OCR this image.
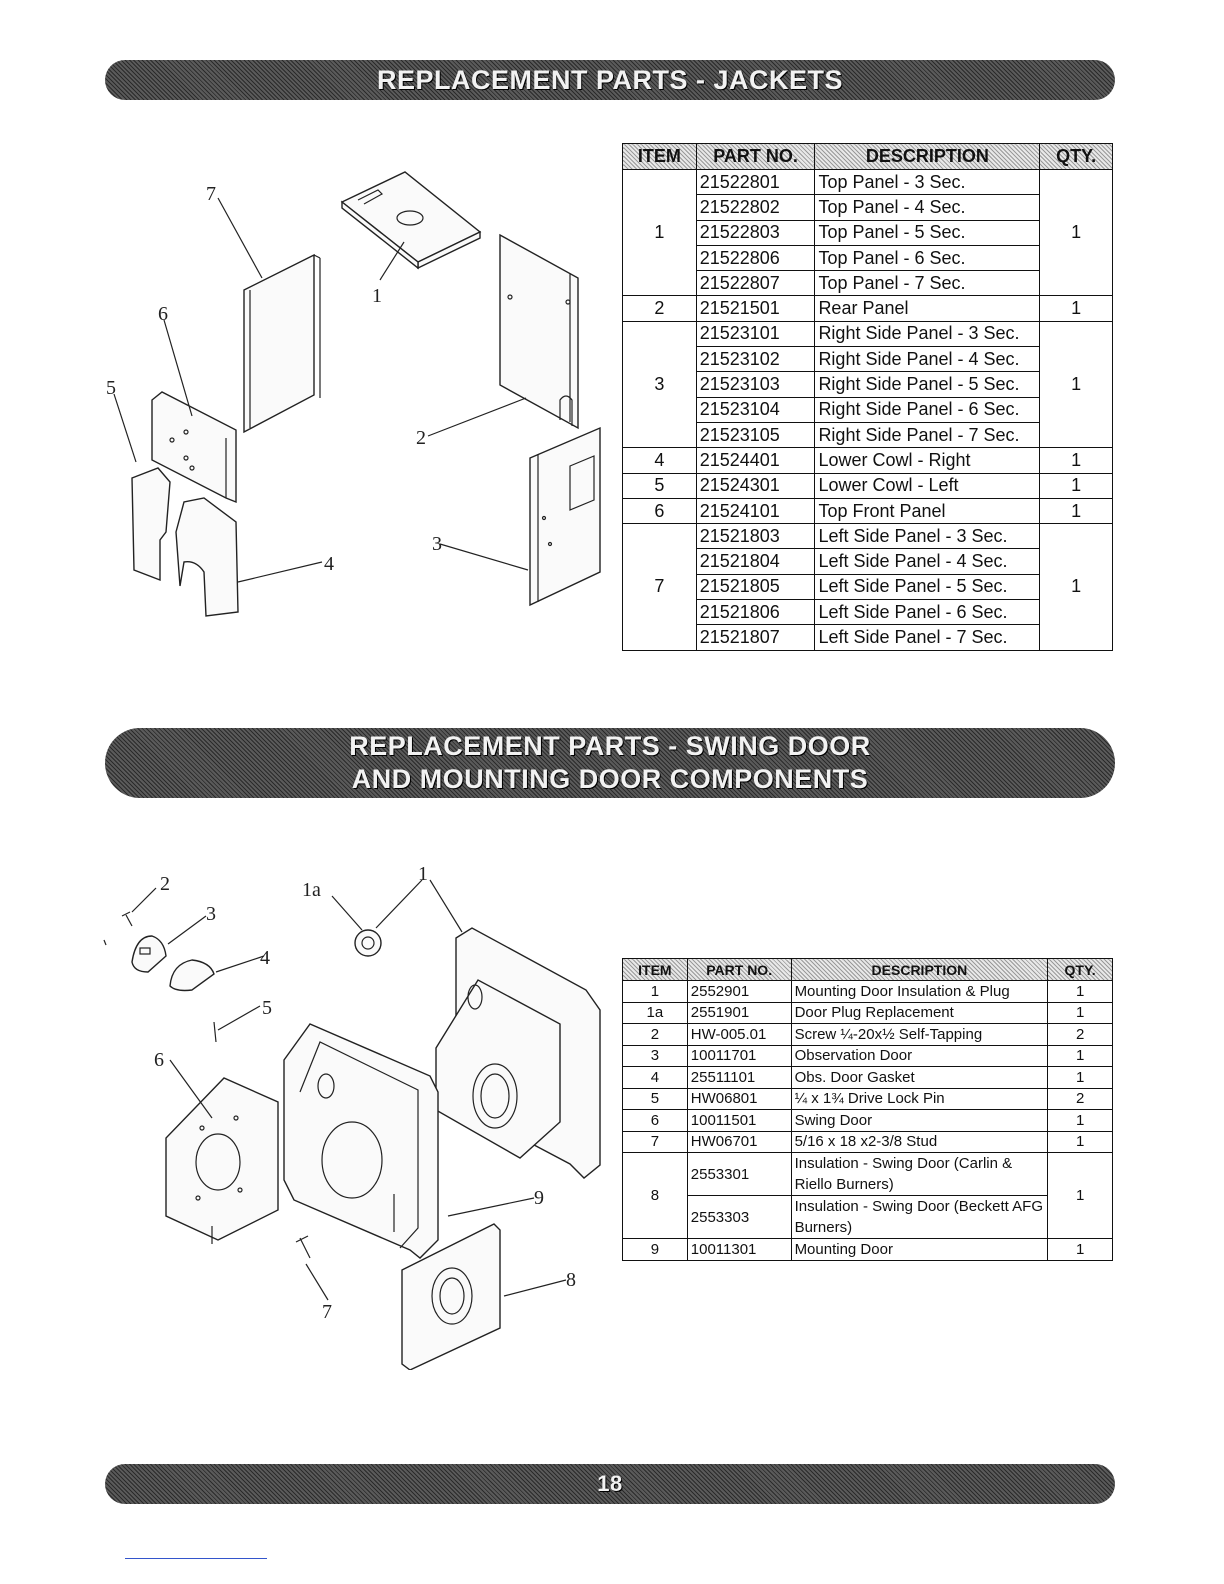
REPLACEMENT PARTS - JACKETS
7
1
6
5
2
3
4
ITEM	PART NO.	DESCRIPTION	QTY.
1	21522801	Top Panel - 3 Sec.	1
	21522802	Top Panel - 4 Sec.	
	21522803	Top Panel - 5 Sec.	
	21522806	Top Panel - 6 Sec.	
	21522807	Top Panel - 7 Sec.	
2	21521501	Rear Panel	1
3	21523101	Right Side Panel - 3 Sec.	1
	21523102	Right Side Panel - 4 Sec.	
	21523103	Right Side Panel - 5 Sec.	
	21523104	Right Side Panel - 6 Sec.	
	21523105	Right Side Panel - 7 Sec.	
4	21524401	Lower Cowl - Right	1
5	21524301	Lower Cowl - Left	1
6	21524101	Top Front Panel	1
7	21521803	Left Side Panel - 3 Sec.	1
	21521804	Left Side Panel - 4 Sec.	
	21521805	Left Side Panel - 5 Sec.	
	21521806	Left Side Panel - 6 Sec.	
	21521807	Left Side Panel - 7 Sec.	
REPLACEMENT PARTS - SWING DOOR
AND MOUNTING DOOR COMPONENTS
2
3
4
5
6
1a
1
9
8
7
ITEM	PART NO.	DESCRIPTION	QTY.
1	2552901	Mounting Door Insulation & Plug	1
1a	2551901	Door Plug Replacement	1
2	HW-005.01	Screw ¼-20x½ Self-Tapping	2
3	10011701	Observation Door	1
4	25511101	Obs. Door Gasket	1
5	HW06801	¼ x 1¾ Drive Lock Pin	2
6	10011501	Swing Door	1
7	HW06701	5/16 x 18 x2-3/8 Stud	1
8	2553301	Insulation - Swing Door (Carlin & Riello Burners)	1
	2553303	Insulation - Swing Door (Beckett AFG Burners)	
9	10011301	Mounting Door	1
18
